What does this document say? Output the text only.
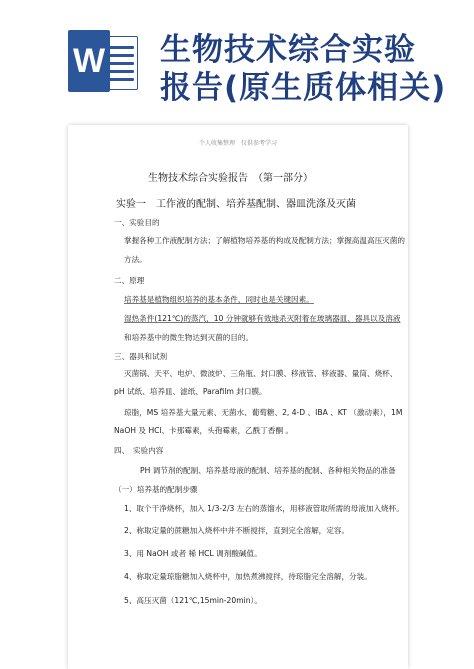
W 生物技术综合实验
报告(原生质体相关)
个人收集整理　仅供参考学习
生物技术综合实验报告　（第一部分）
实验一　工作液的配制、培养基配制、器皿洗涤及灭菌
一、实验目的
掌握各种工作液配制方法；了解植物培养基的构成及配制方法；掌握高温高压灭菌的
方法。
二、原理
培养基是植物组织培养的基本条件，同时也是关键因素。
湿热条件(121℃)的蒸汽，10 分钟就够有效地杀灭附着在玻璃器皿、器具以及溶液
和培养基中的微生物达到灭菌的目的。
三、器具和试剂
灭菌锅、天平、电炉、微波炉、三角瓶、封口膜、移液管、移液器、量筒、烧杯、
pH 试纸、培养皿、滤纸、Parafilm 封口膜。
琼脂，MS 培养基大量元素、无菌水、葡萄糖、2, 4-D 、IBA 、KT （激动素），1M
NaOH 及 HCl、卡那霉素，头孢霉素，乙酰丁香酮 。
四、　实验内容
PH 调节剂的配制、培养基母液的配制、培养基的配制、各种相关物品的准备
（一）培养基的配制步骤
1、取个干净烧杯，加入 1/3-2/3 左右的蒸馏水，用移液管取所需的母液加入烧杯。
2、称取定量的蔗糖加入烧杯中并不断搅拌，直到完全溶解，定容。
3、用 NaOH 或者 稀 HCL 调剂酸碱值。
4、称取定量琼脂糖加入烧杯中，加热煮沸搅拌，待琼脂完全溶解，分装。
5、高压灭菌（121℃,15min-20min）。
